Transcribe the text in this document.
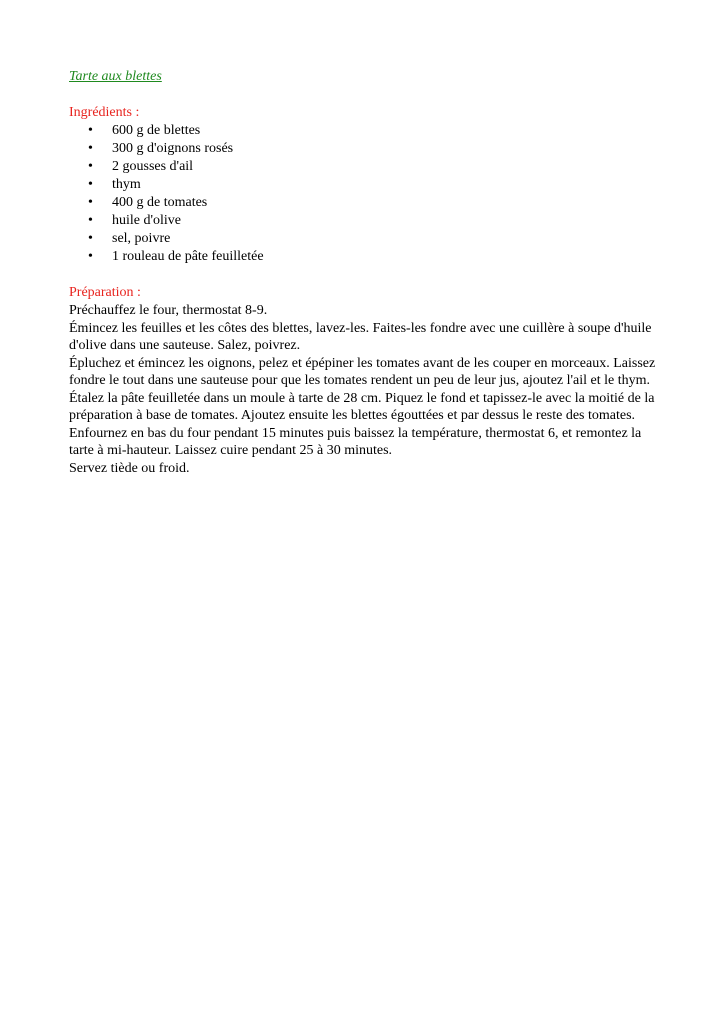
Tarte aux blettes
Ingrédients :
• 600 g de blettes
• 300 g d'oignons rosés
• 2 gousses d'ail
• thym
• 400 g de tomates
• huile d'olive
• sel, poivre
• 1 rouleau de pâte feuilletée
Préparation :

Préchauffez le four, thermostat 8-9.

Émincez les feuilles et les côtes des blettes, lavez-les. Faites-les fondre avec une cuillère à soupe d'huile d'olive dans une sauteuse. Salez, poivrez.

Épluchez et émincez les oignons, pelez et épépiner les tomates avant de les couper en morceaux. Laissez fondre le tout dans une sauteuse pour que les tomates rendent un peu de leur jus, ajoutez l'ail et le thym.

Étalez la pâte feuilletée dans un moule à tarte de 28 cm. Piquez le fond et tapissez-le avec la moitié de la préparation à base de tomates. Ajoutez ensuite les blettes égouttées et par dessus le reste des tomates.

Enfournez en bas du four pendant 15 minutes puis baissez la température, thermostat 6, et remontez la tarte à mi-hauteur. Laissez cuire pendant 25 à 30 minutes.

Servez tiède ou froid.
